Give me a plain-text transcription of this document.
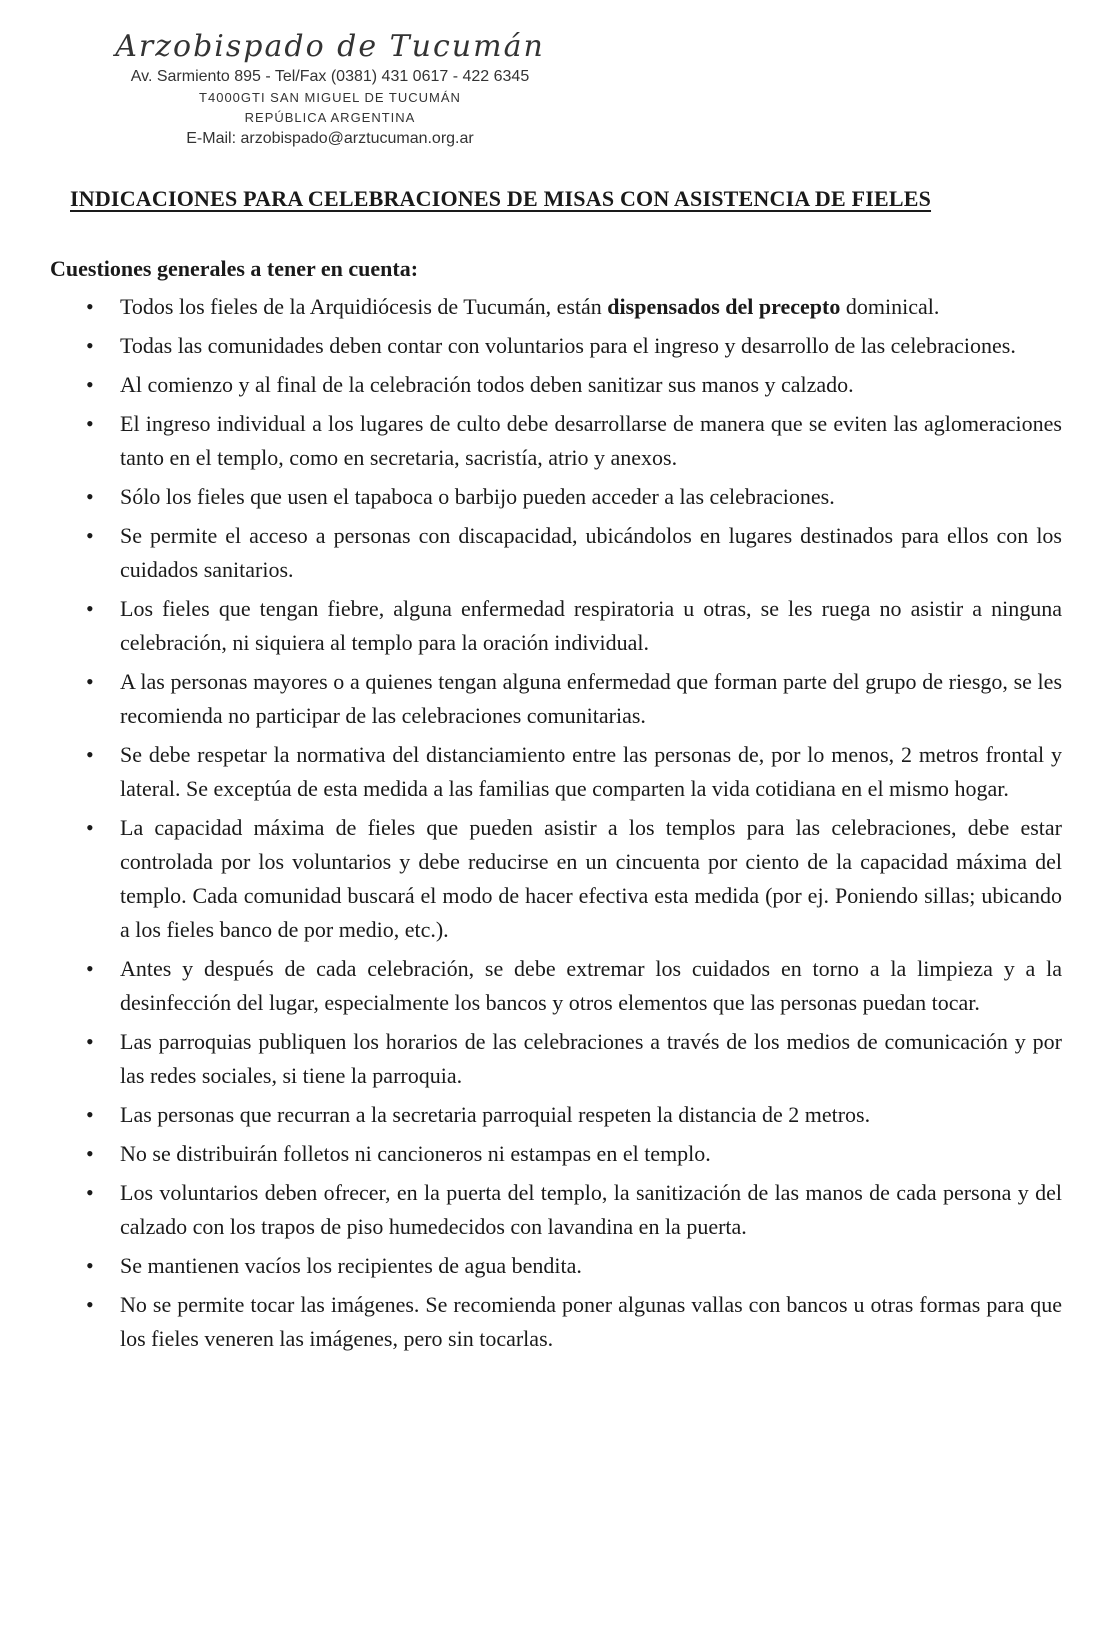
Arzobispado de Tucumán
Av. Sarmiento 895 - Tel/Fax (0381) 431 0617 - 422 6345
T4000GTI SAN MIGUEL DE TUCUMÁN
REPÚBLICA ARGENTINA
E-Mail: arzobispado@arztucuman.org.ar
INDICACIONES PARA CELEBRACIONES DE MISAS CON ASISTENCIA DE FIELES
Cuestiones generales a tener en cuenta:
• Todos los fieles de la Arquidiócesis de Tucumán, están dispensados del precepto dominical.
• Todas las comunidades deben contar con voluntarios para el ingreso y desarrollo de las celebraciones.
• Al comienzo y al final de la celebración todos deben sanitizar sus manos y calzado.
• El ingreso individual a los lugares de culto debe desarrollarse de manera que se eviten las aglomeraciones tanto en el templo, como en secretaria, sacristía, atrio y anexos.
• Sólo los fieles que usen el tapaboca o barbijo pueden acceder a las celebraciones.
• Se permite el acceso a personas con discapacidad, ubicándolos en lugares destinados para ellos con los cuidados sanitarios.
• Los fieles que tengan fiebre, alguna enfermedad respiratoria u otras, se les ruega no asistir a ninguna celebración, ni siquiera al templo para la oración individual.
• A las personas mayores o a quienes tengan alguna enfermedad que forman parte del grupo de riesgo, se les recomienda no participar de las celebraciones comunitarias.
• Se debe respetar la normativa del distanciamiento entre las personas de, por lo menos, 2 metros frontal y lateral. Se exceptúa de esta medida a las familias que comparten la vida cotidiana en el mismo hogar.
• La capacidad máxima de fieles que pueden asistir a los templos para las celebraciones, debe estar controlada por los voluntarios y debe reducirse en un cincuenta por ciento de la capacidad máxima del templo. Cada comunidad buscará el modo de hacer efectiva esta medida (por ej. Poniendo sillas; ubicando a los fieles banco de por medio, etc.).
• Antes y después de cada celebración, se debe extremar los cuidados en torno a la limpieza y a la desinfección del lugar, especialmente los bancos y otros elementos que las personas puedan tocar.
• Las parroquias publiquen los horarios de las celebraciones a través de los medios de comunicación y por las redes sociales, si tiene la parroquia.
• Las personas que recurran a la secretaria parroquial respeten la distancia de 2 metros.
• No se distribuirán folletos ni cancioneros ni estampas en el templo.
• Los voluntarios deben ofrecer, en la puerta del templo, la sanitización de las manos de cada persona y del calzado con los trapos de piso humedecidos con lavandina en la puerta.
• Se mantienen vacíos los recipientes de agua bendita.
• No se permite tocar las imágenes. Se recomienda poner algunas vallas con bancos u otras formas para que los fieles veneren las imágenes, pero sin tocarlas.
